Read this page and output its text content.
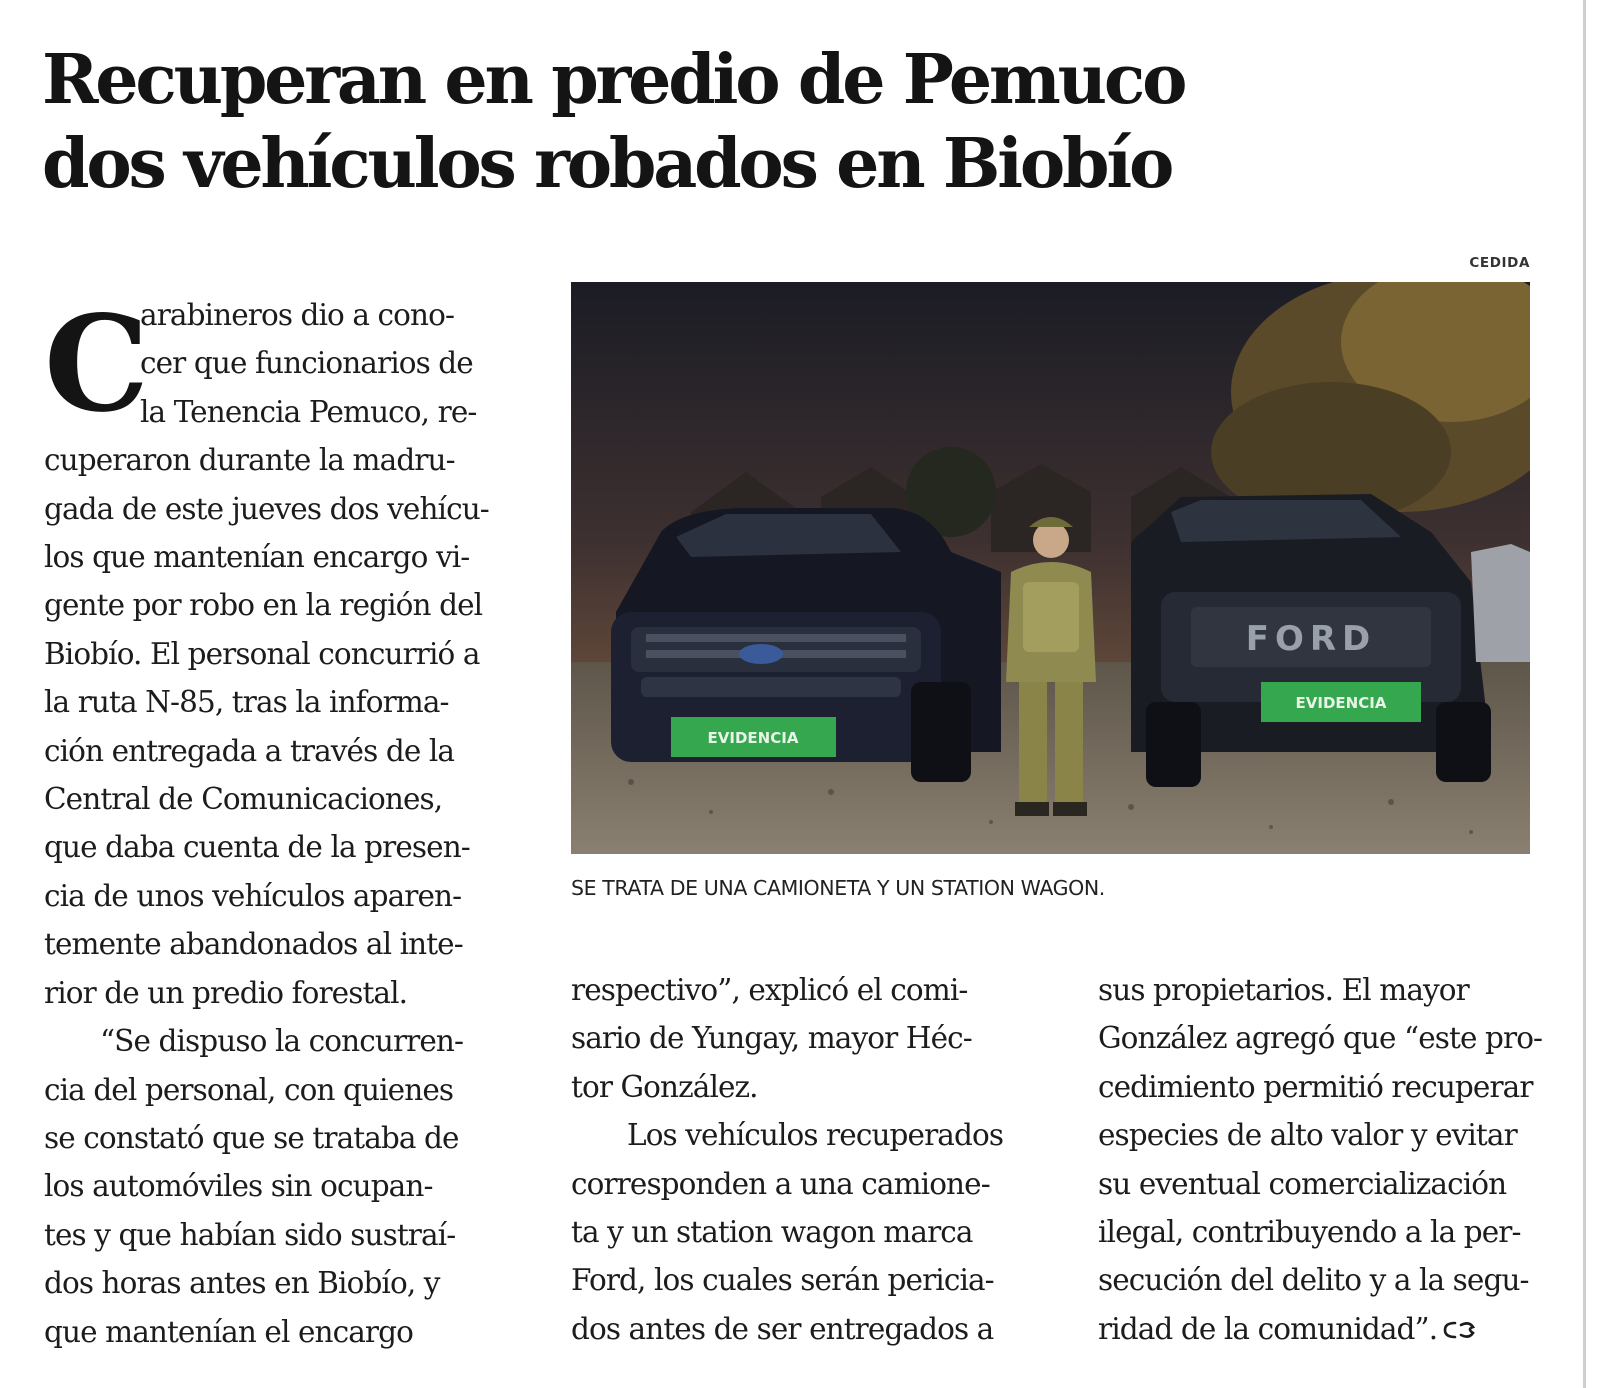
Recuperan en predio de Pemuco
dos vehículos robados en Biobío
CEDIDA
EVIDENCIA
FORD
EVIDENCIA
SE TRATA DE UNA CAMIONETA Y UN STATION WAGON.
C
arabineros dio a cono-
cer que funcionarios de
la Tenencia Pemuco, re-
cuperaron durante la madru-
gada de este jueves dos vehícu-
los que mantenían encargo vi-
gente por robo en la región del
Biobío. El personal concurrió a
la ruta N-85, tras la informa-
ción entregada a través de la
Central de Comunicaciones,
que daba cuenta de la presen-
cia de unos vehículos aparen-
temente abandonados al inte-
rior de un predio forestal.
“Se dispuso la concurren-
cia del personal, con quienes
se constató que se trataba de
los automóviles sin ocupan-
tes y que habían sido sustraí-
dos horas antes en Biobío, y
que mantenían el encargo
respectivo”, explicó el comi-
sario de Yungay, mayor Héc-
tor González.
Los vehículos recuperados
corresponden a una camione-
ta y un station wagon marca
Ford, los cuales serán pericia-
dos antes de ser entregados a
sus propietarios. El mayor
González agregó que “este pro-
cedimiento permitió recuperar
especies de alto valor y evitar
su eventual comercialización
ilegal, contribuyendo a la per-
secución del delito y a la segu-
ridad de la comunidad”.
